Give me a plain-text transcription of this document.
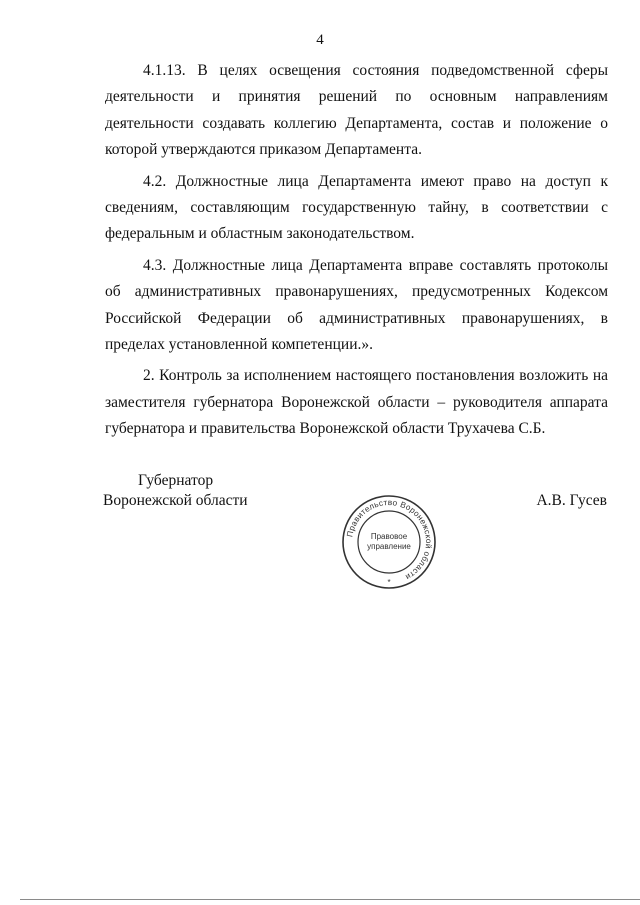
4

4.1.13. В целях освещения состояния подведомственной сферы деятельности и принятия решений по основным направлениям деятельности создавать коллегию Департамента, состав и положение о которой утверждаются приказом Департамента.

4.2. Должностные лица Департамента имеют право на доступ к сведениям, составляющим государственную тайну, в соответствии с федеральным и областным законодательством.

4.3. Должностные лица Департамента вправе составлять протоколы об административных правонарушениях, предусмотренных Кодексом Российской Федерации об административных правонарушениях, в пределах установленной компетенции.».

2. Контроль за исполнением настоящего постановления возложить на заместителя губернатора Воронежской области – руководителя аппарата губернатора и правительства Воронежской области Трухачева С.Б.

Губернатор
Воронежской области
Правительство Воронежской области
Правовое
управление
*
А.В. Гусев
